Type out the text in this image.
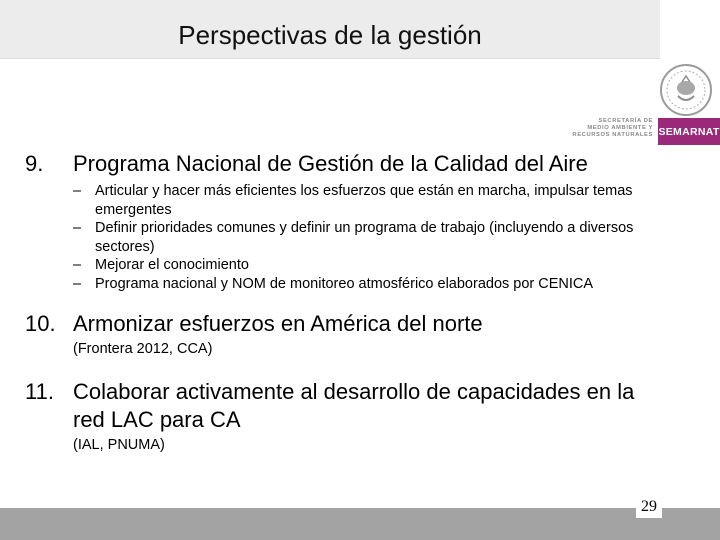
Perspectivas de la gestión
SECRETARÍA DE
MEDIO AMBIENTE Y
RECURSOS NATURALES SEMARNAT
9. Programa Nacional de Gestión de la Calidad del Aire
– Articular y hacer más eficientes los esfuerzos que están en marcha, impulsar temas emergentes
– Definir prioridades comunes y definir un programa de trabajo (incluyendo a diversos sectores)
– Mejorar el conocimiento
– Programa nacional y NOM de monitoreo atmosférico elaborados por CENICA
10. Armonizar esfuerzos en América del norte
(Frontera 2012, CCA)
11. Colaborar activamente al desarrollo de capacidades en la red LAC para CA
(IAL, PNUMA)
29
